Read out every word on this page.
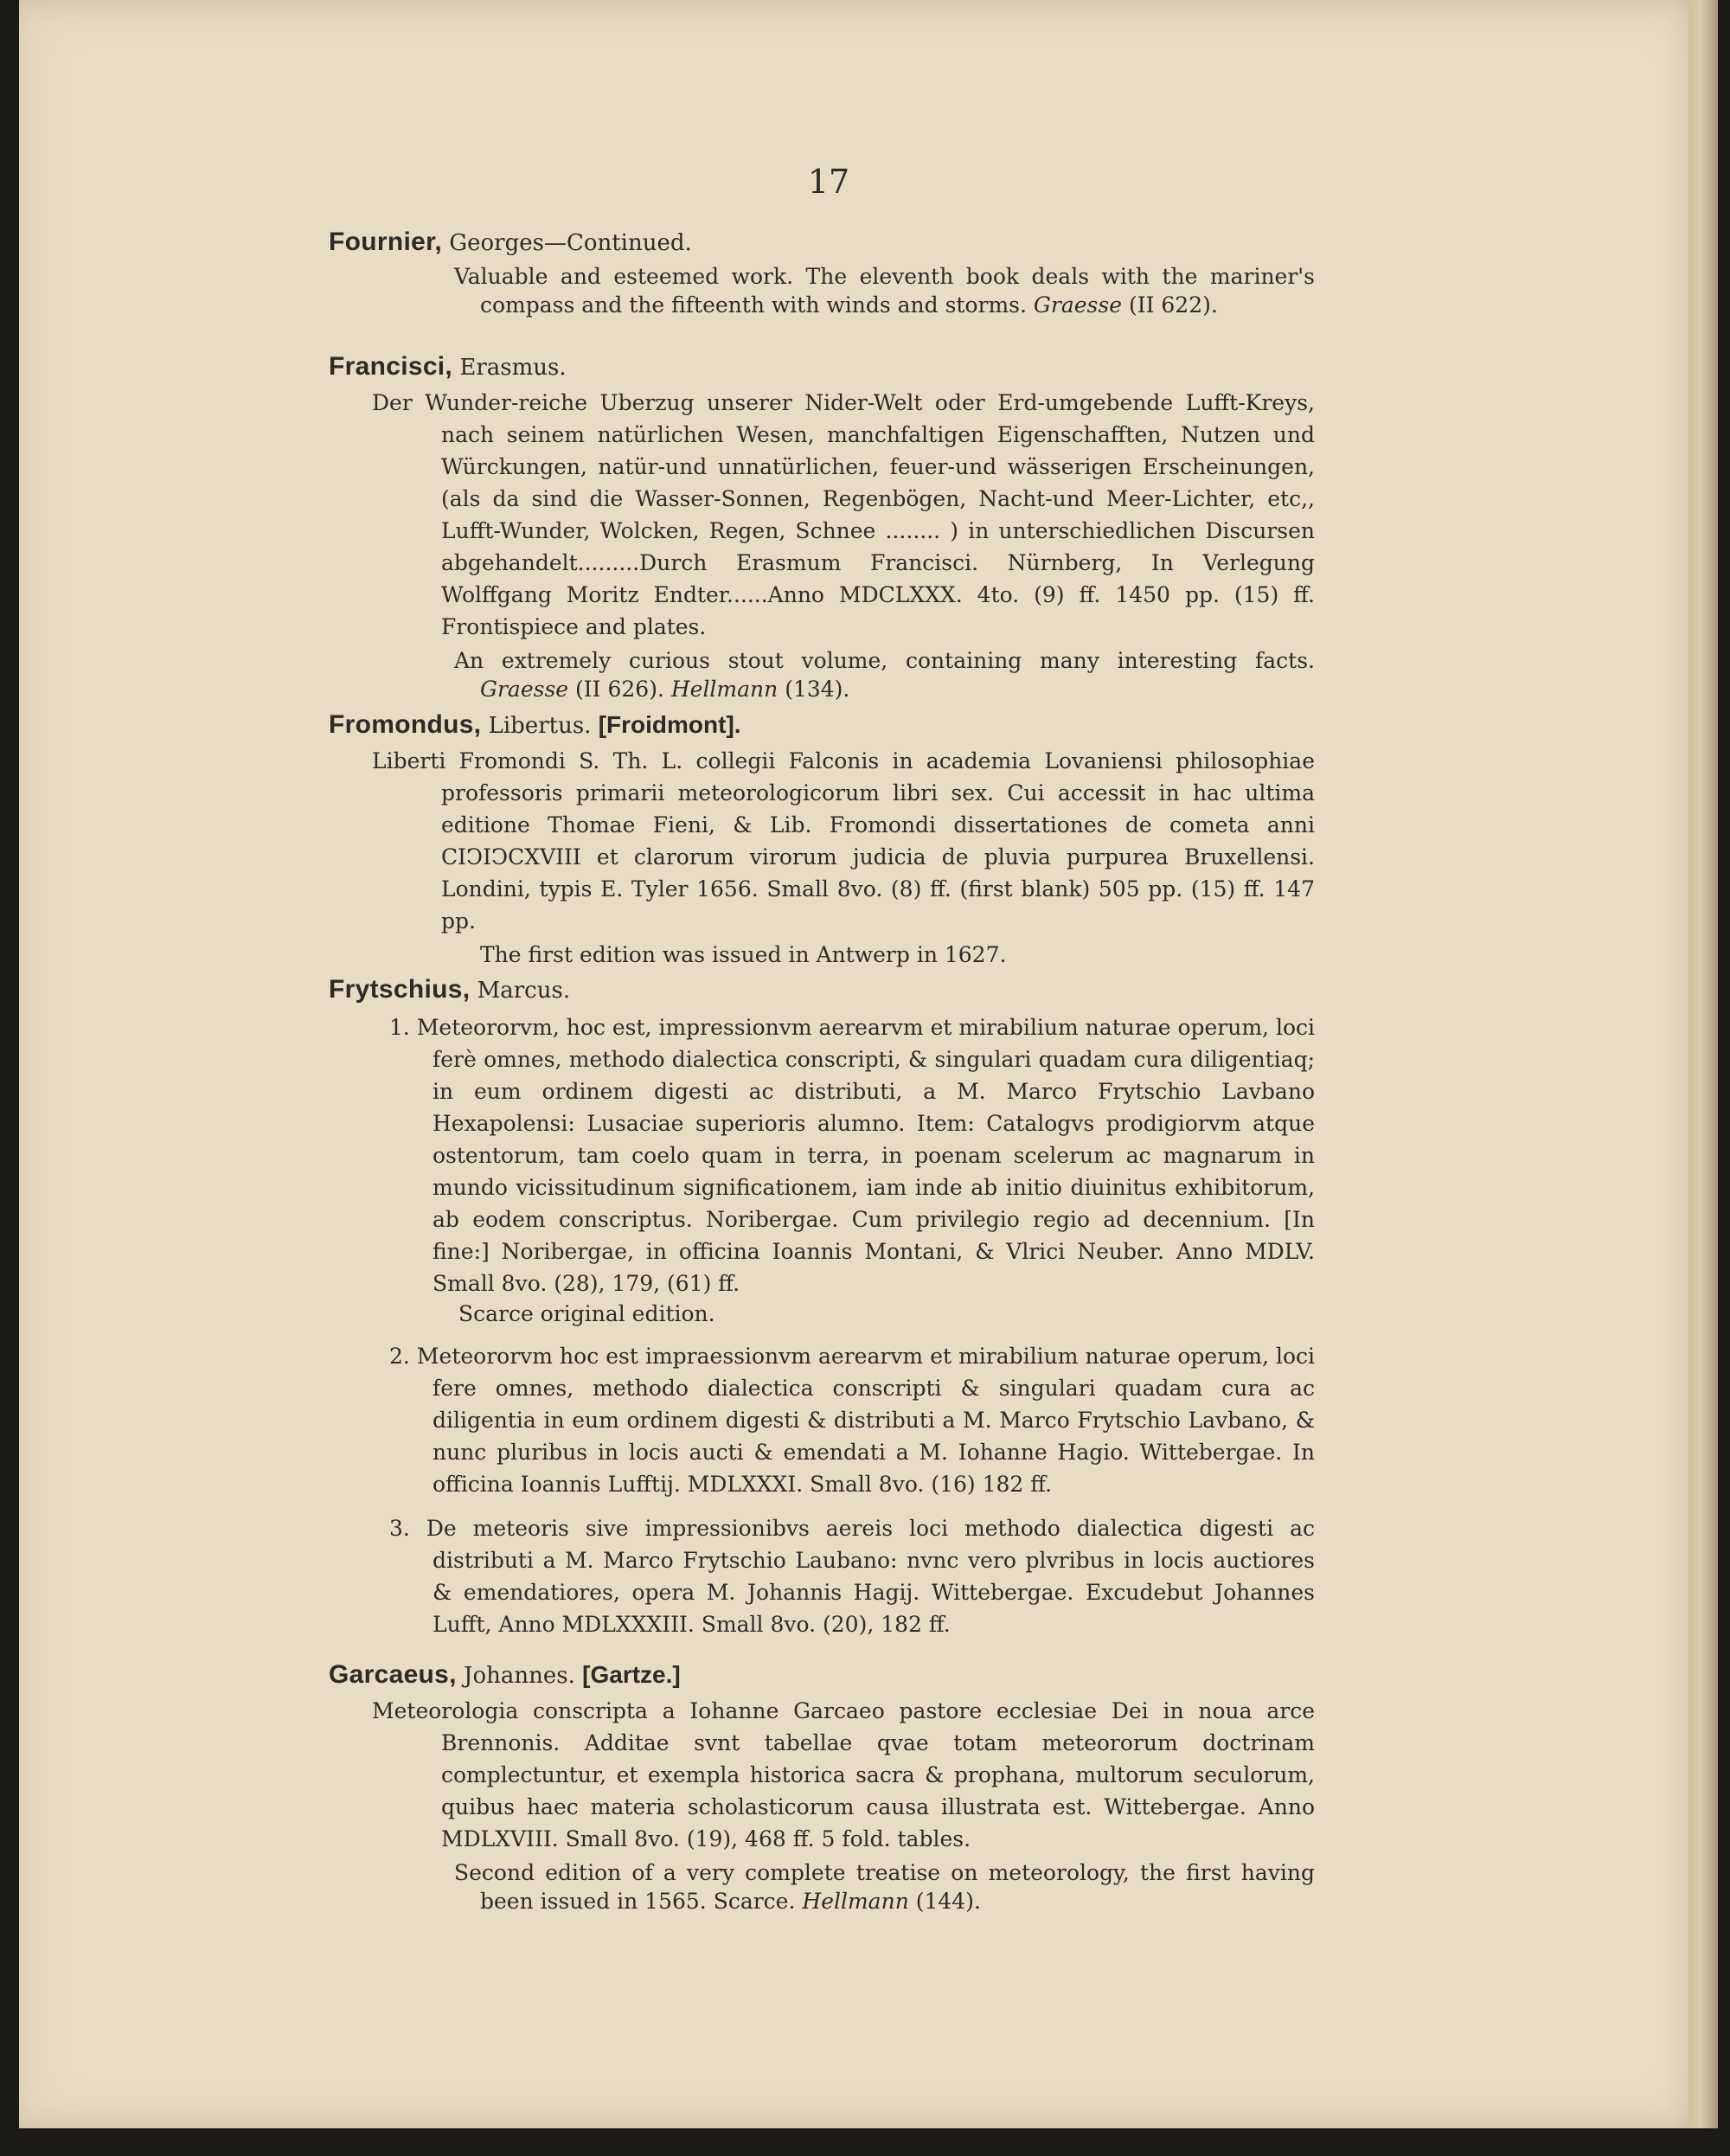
17
Fournier, Georges—Continued.
Valuable and esteemed work. The eleventh book deals with the mariner's compass and the fifteenth with winds and storms. Graesse (II 622).
Francisci, Erasmus.
Der Wunder-reiche Uberzug unserer Nider-Welt oder Erd-umgebende Lufft-Kreys, nach seinem natürlichen Wesen, manchfaltigen Eigenschafften, Nutzen und Würckungen, natür-und unnatürlichen, feuer-und wässerigen Erscheinungen, (als da sind die Wasser-Sonnen, Regenbögen, Nacht-und Meer-Lichter, etc,, Lufft-Wunder, Wolcken, Regen, Schnee ........ ) in unterschiedlichen Discursen abgehandelt.........Durch Erasmum Francisci. Nürnberg, In Verlegung Wolffgang Moritz Endter......Anno MDCLXXX. 4to. (9) ff. 1450 pp. (15) ff. Frontispiece and plates.
An extremely curious stout volume, containing many interesting facts. Graesse (II 626). Hellmann (134).
Fromondus, Libertus. [Froidmont].
Liberti Fromondi S. Th. L. collegii Falconis in academia Lovaniensi philosophiae professoris primarii meteorologicorum libri sex. Cui accessit in hac ultima editione Thomae Fieni, & Lib. Fromondi dissertationes de cometa anni CIϽIϽCXVIII et clarorum virorum judicia de pluvia purpurea Bruxellensi. Londini, typis E. Tyler 1656. Small 8vo. (8) ff. (first blank) 505 pp. (15) ff. 147 pp.
The first edition was issued in Antwerp in 1627.
Frytschius, Marcus.
1. Meteororvm, hoc est, impressionvm aerearvm et mirabilium naturae operum, loci ferè omnes, methodo dialectica conscripti, & singulari quadam cura diligentiaq; in eum ordinem digesti ac distributi, a M. Marco Frytschio Lavbano Hexapolensi: Lusaciae superioris alumno. Item: Catalogvs prodigiorvm atque ostentorum, tam coelo quam in terra, in poenam scelerum ac magnarum in mundo vicissitudinum significationem, iam inde ab initio diuinitus exhibitorum, ab eodem conscriptus. Noribergae. Cum privilegio regio ad decennium. [In fine:] Noribergae, in officina Ioannis Montani, & Vlrici Neuber. Anno MDLV. Small 8vo. (28), 179, (61) ff.
Scarce original edition.
2. Meteororvm hoc est impraessionvm aerearvm et mirabilium naturae operum, loci fere omnes, methodo dialectica conscripti & singulari quadam cura ac diligentia in eum ordinem digesti & distributi a M. Marco Frytschio Lavbano, & nunc pluribus in locis aucti & emendati a M. Iohanne Hagio. Wittebergae. In officina Ioannis Lufftij. MDLXXXI. Small 8vo. (16) 182 ff.
3. De meteoris sive impressionibvs aereis loci methodo dialectica digesti ac distributi a M. Marco Frytschio Laubano: nvnc vero plvribus in locis auctiores & emendatiores, opera M. Johannis Hagij. Wittebergae. Excudebut Johannes Lufft, Anno MDLXXXIII. Small 8vo. (20), 182 ff.
Garcaeus, Johannes. [Gartze.]
Meteorologia conscripta a Iohanne Garcaeo pastore ecclesiae Dei in noua arce Brennonis. Additae svnt tabellae qvae totam meteororum doctrinam complectuntur, et exempla historica sacra & prophana, multorum seculorum, quibus haec materia scholasticorum causa illustrata est. Wittebergae. Anno MDLXVIII. Small 8vo. (19), 468 ff. 5 fold. tables.
Second edition of a very complete treatise on meteorology, the first having been issued in 1565. Scarce. Hellmann (144).
